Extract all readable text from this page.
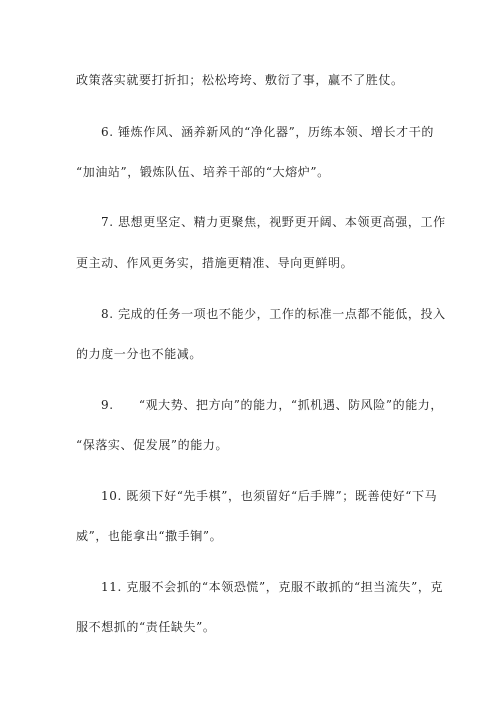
政策落实就要打折扣；松松垮垮、敷衍了事，赢不了胜仗。
6. 锤炼作风、涵养新风的“净化器”，历练本领、增长才干的
“加油站”，锻炼队伍、培养干部的“大熔炉”。
7. 思想更坚定、精力更聚焦，视野更开阔、本领更高强，工作
更主动、作风更务实，措施更精准、导向更鲜明。
8. 完成的任务一项也不能少，工作的标准一点都不能低，投入
的力度一分也不能减。
9.　　“观大势、把方向”的能力，“抓机遇、防风险”的能力，
“保落实、促发展”的能力。
10. 既须下好“先手棋”，也须留好“后手牌”；既善使好“下马
威”，也能拿出“撒手锏”。
11. 克服不会抓的“本领恐慌”，克服不敢抓的“担当流失”，克
服不想抓的“责任缺失”。
